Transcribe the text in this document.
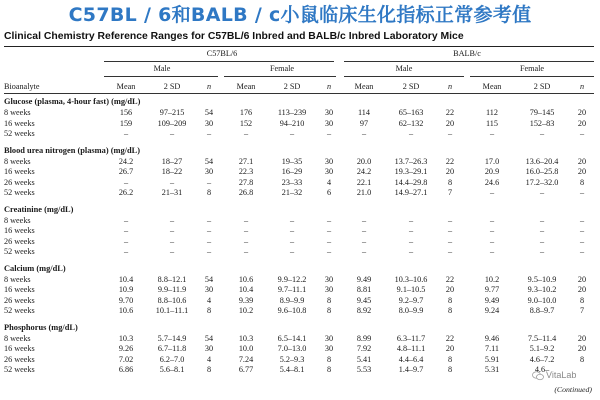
C57BL / 6和BALB / c小鼠临床生化指标正常参考值
Clinical Chemistry Reference Ranges for C57BL/6 Inbred and BALB/c Inbred Laboratory Mice
C57BL/6	BALB/c
Male	Female	Male	Female
Bioanalyte	Mean	2 SD	n	Mean	2 SD	n	Mean	2 SD	n	Mean	2 SD	n
Glucose (plasma, 4-hour fast) (mg/dL)
8 weeks	156	97–215	54	176	113–239	30	114	65–163	22	112	79–145	20
16 weeks	159	109–209	30	152	94–210	30	97	62–132	20	115	152–83	20
52 weeks	–	–	–	–	–	–	–	–	–	–	–	–
Blood urea nitrogen (plasma) (mg/dL)
8 weeks	24.2	18–27	54	27.1	19–35	30	20.0	13.7–26.3	22	17.0	13.6–20.4	20
16 weeks	26.7	18–22	30	22.3	16–29	30	24.2	19.3–29.1	20	20.9	16.0–25.8	20
26 weeks	–	–	–	27.8	23–33	4	22.1	14.4–29.8	8	24.6	17.2–32.0	8
52 weeks	26.2	21–31	8	26.8	21–32	6	21.0	14.9–27.1	7	–	–	–
Creatinine (mg/dL)
8 weeks	–	–	–	–	–	–	–	–	–	–	–	–
16 weeks	–	–	–	–	–	–	–	–	–	–	–	–
26 weeks	–	–	–	–	–	–	–	–	–	–	–	–
52 weeks	–	–	–	–	–	–	–	–	–	–	–	–
Calcium (mg/dL)
8 weeks	10.4	8.8–12.1	54	10.6	9.9–12.2	30	9.49	10.3–10.6	22	10.2	9.5–10.9	20
16 weeks	10.9	9.9–11.9	30	10.4	9.7–11.1	30	8.81	9.1–10.5	20	9.77	9.3–10.2	20
26 weeks	9.70	8.8–10.6	4	9.39	8.9–9.9	8	9.45	9.2–9.7	8	9.49	9.0–10.0	8
52 weeks	10.6	10.1–11.1	8	10.2	9.6–10.8	8	8.92	8.0–9.9	8	9.24	8.8–9.7	7
Phosphorus (mg/dL)
8 weeks	10.3	5.7–14.9	54	10.3	6.5–14.1	30	8.99	6.3–11.7	22	9.46	7.5–11.4	20
16 weeks	9.26	6.7–11.8	30	10.0	7.0–13.0	30	7.92	4.8–11.1	20	7.11	5.1–9.2	20
26 weeks	7.02	6.2–7.0	4	7.24	5.2–9.3	8	5.41	4.4–6.4	8	5.91	4.6–7.2	8
52 weeks	6.86	5.6–8.1	8	6.77	5.4–8.1	8	5.53	1.4–9.7	8	5.31	4.6–
VitaLab
(Continued)
